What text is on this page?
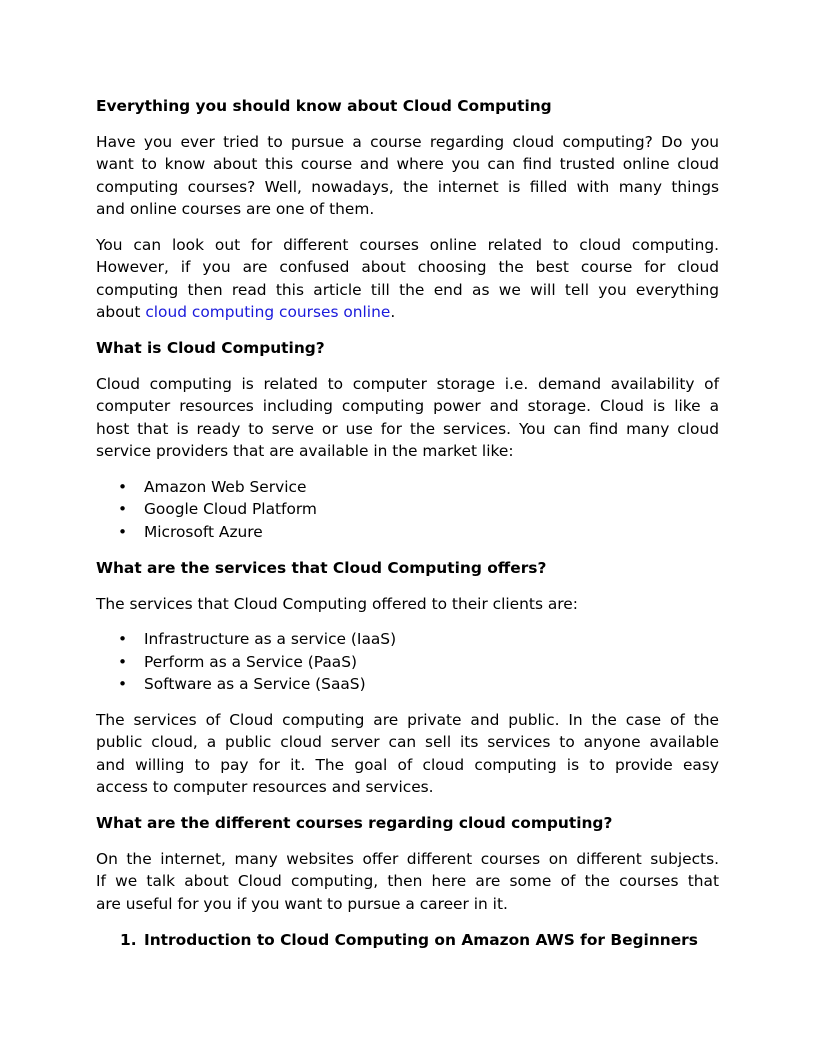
Everything you should know about Cloud Computing
Have you ever tried to pursue a course regarding cloud computing? Do you
want to know about this course and where you can find trusted online cloud
computing courses? Well, nowadays, the internet is filled with many things
and online courses are one of them.
You can look out for different courses online related to cloud computing.
However, if you are confused about choosing the best course for cloud
computing then read this article till the end as we will tell you everything
about cloud computing courses online.
What is Cloud Computing?
Cloud computing is related to computer storage i.e. demand availability of
computer resources including computing power and storage. Cloud is like a
host that is ready to serve or use for the services. You can find many cloud
service providers that are available in the market like:
• Amazon Web Service
• Google Cloud Platform
• Microsoft Azure
What are the services that Cloud Computing offers?
The services that Cloud Computing offered to their clients are:
• Infrastructure as a service (IaaS)
• Perform as a Service (PaaS)
• Software as a Service (SaaS)
The services of Cloud computing are private and public. In the case of the
public cloud, a public cloud server can sell its services to anyone available
and willing to pay for it. The goal of cloud computing is to provide easy
access to computer resources and services.
What are the different courses regarding cloud computing?
On the internet, many websites offer different courses on different subjects.
If we talk about Cloud computing, then here are some of the courses that
are useful for you if you want to pursue a career in it.
1. Introduction to Cloud Computing on Amazon AWS for Beginners
